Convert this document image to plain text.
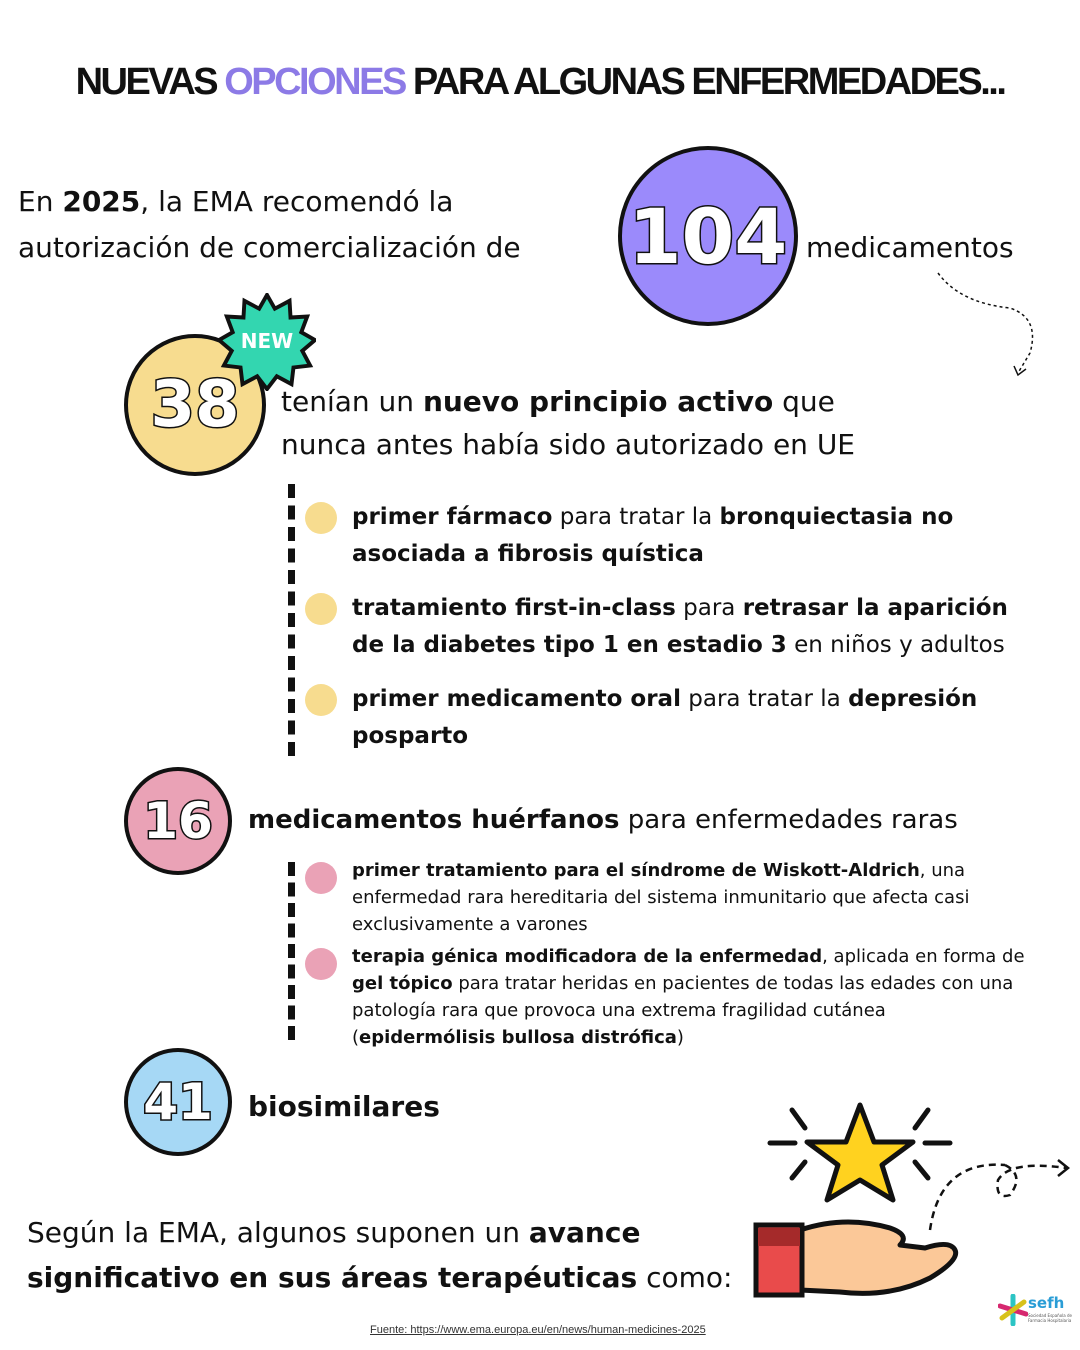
NUEVAS OPCIONES PARA ALGUNAS ENFERMEDADES...
En 2025, la EMA recomendó la
autorización de comercialización de 104 medicamentos
38
NEW
tenían un nuevo principio activo que
nunca antes había sido autorizado en UE
primer fármaco para tratar la bronquiectasia no asociada a fibrosis quística
tratamiento first-in-class para retrasar la aparición de la diabetes tipo 1 en estadio 3 en niños y adultos
primer medicamento oral para tratar la depresión posparto
16 medicamentos huérfanos para enfermedades raras
primer tratamiento para el síndrome de Wiskott-Aldrich, una enfermedad rara hereditaria del sistema inmunitario que afecta casi exclusivamente a varones
terapia génica modificadora de la enfermedad, aplicada en forma de gel tópico para tratar heridas en pacientes de todas las edades con una patología rara que provoca una extrema fragilidad cutánea (epidermólisis bullosa distrófica)
41 biosimilares
Según la EMA, algunos suponen un avance
significativo en sus áreas terapéuticas como:
sefh
Sociedad Española de Farmacia Hospitalaria
Fuente: https://www.ema.europa.eu/en/news/human-medicines-2025
